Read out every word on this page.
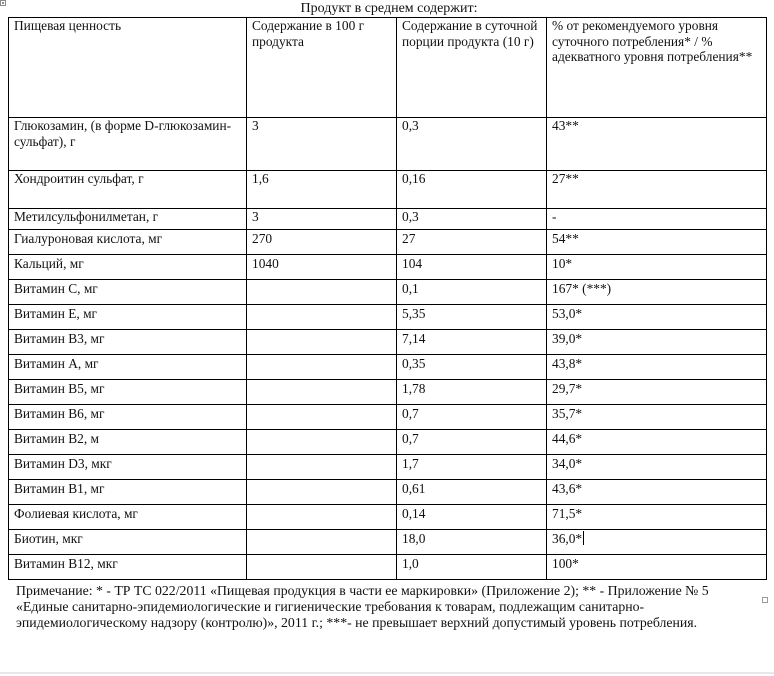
Продукт в среднем содержит:
Пищевая ценность	Содержание в 100 г продукта	Содержание в суточной порции продукта (10 г)	% от рекомендуемого уровня суточного потребления* / % адекватного уровня потребления**
Глюкозамин, (в форме D-глюкозамин-сульфат), г	3	0,3	43**
Хондроитин сульфат, г	1,6	0,16	27**
Метилсульфонилметан, г	3	0,3	-
Гиалуроновая кислота, мг	270	27	54**
Кальций, мг	1040	104	10*
Витамин С, мг		0,1	167* (***)
Витамин Е, мг		5,35	53,0*
Витамин В3, мг		7,14	39,0*
Витамин А, мг		0,35	43,8*
Витамин В5, мг		1,78	29,7*
Витамин В6, мг		0,7	35,7*
Витамин В2, м		0,7	44,6*
Витамин D3, мкг		1,7	34,0*
Витамин В1, мг		0,61	43,6*
Фолиевая кислота, мг		0,14	71,5*
Биотин, мкг		18,0	36,0*
Витамин В12, мкг		1,0	100*
Примечание: * - ТР ТС 022/2011 «Пищевая продукция в части ее маркировки» (Приложение 2); ** - Приложение № 5 «Единые санитарно-эпидемиологические и гигиенические требования к товарам, подлежащим санитарно-эпидемиологическому надзору (контролю)», 2011 г.; ***- не превышает верхний допустимый уровень потребления.
